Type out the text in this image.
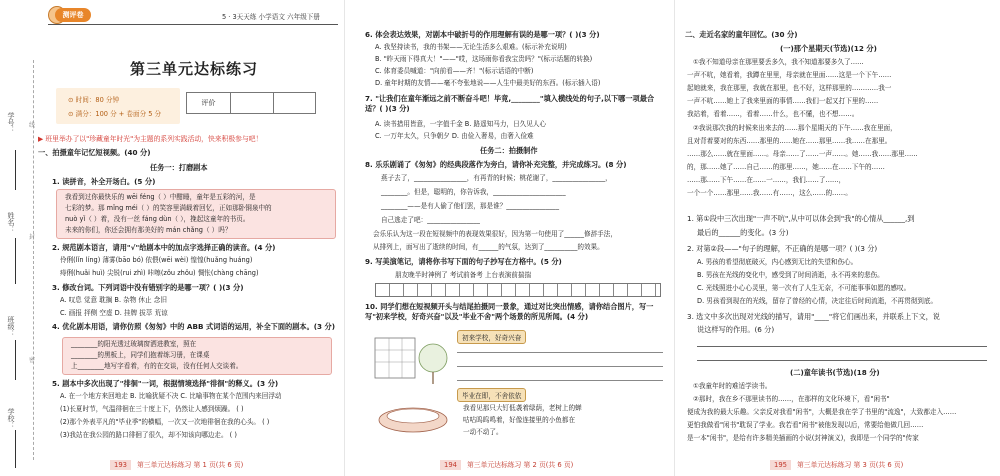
学号：
姓名：
班级：
学校：
线
封
密
测评卷	5 · 3天天练 小学语文 六年级下册
第三单元达标练习
⊙ 时间：80 分钟
⊙ 满分：100 分 + 卷面分 5 分
评价
▶ 班里举办了以"珍藏童年时光"为主题的系列实践活动，快来积极参与吧！
一、拍摄童年记忆短视频。(40 分)
任务一：打磨剧本
1. 读拼音，补全开场白。(5 分)
我看到过你最快乐的 wēi féng（ ）中酣睡，童年是五彩的河，是
七彩的梦。那 mǐng méi（ ）的笑容里满载着回忆，正如那卧铜泉中的
nuò yǐ（ ）着，没有一丝 fáng dùn（ ），挽起这童年的书页。
未来的你们，你还会拥有那美好的 mán chǎng（ ）吗？
2. 规范剧本语言，请用"√"给剧本中的加点字选择正确的读音。(4 分)
伶俐(lǐn líng) 薄雾(bāo bó) 依偎(wēi wèi) 惶惶(huǎng huáng)
痔俐(huǎi huì) 尖锐(rui zhì) 咔嚓(zǒu zhǒu) 惆怅(chàng chāng)
3. 修改台词。下列词语中没有错别字的是哪一项？( )(3 分)
A. 叹息 觉意 耽搁 B. 杂物 休止 念旧
C. 画报 抨侧 空虚 D. 挂牌 拔萃 荒谅
4. 优化剧本用语，请你仿照《匆匆》中的 ABB 式词语的运用，补全下面的剧本。(3 分)
________的阳光透过玻璃窗洒进教室，照在
________的黑板上，同学们抱着练习册，在课桌
上________地写字看着，有的在交谈，没有任何人交谈着。
5. 剧本中多次出现了"徘徊"一词，根据情境选择"徘徊"的释义。(3 分)
A. 在一个地方来回地走 B. 比喻犹疑不决 C. 比喻事物在某个范围内来回浮动
(1)长夏时节，气温徘徊在三十度上下，仍然让人感到烦躁。 ( )
(2)那个外表平凡的"毕业季"的横幅，一次又一次地徘徊在我的心头。 ( )
(3)我站在我公园的路口徘徊了很久，却不知该向哪边走。 ( )
193 第三单元达标练习 第 1 页(共 6 页)
6. 体会表达效果，对剧本中破折号的作用理解有误的是哪一项？( )(3 分)
A. 我坚持读书，我的书架——无论生活多么艰难。(标示补充说明)
B. "昨天雨下得真大！"——"哎，这场雨你看我宝贵吗？"(标示话题的转换)
C. 体育委员喊道："向前看——齐！"(标示话语的中断)
D. 童年时期的友情——毫不夸张地说——人生中最美好的东西。(标示插入语)
7. "让我们在童年渐远之前不断奋斗吧！毕竟,________"填入横线处的句子,以下哪一项最合适？( )(3 分)
A. 读书措用皆意，一字值千金 B. 路遥知马力，日久见人心
C. 一万年太久，只争朝夕 D. 由俭入奢易，由奢入俭难
任务二：拍摄制作
8. 乐乐剧诵了《匆匆》的经典段落作为旁白，请你补充完整，并完成练习。(8 分)
燕子去了，________________，有再青的时候；桃花谢了，________________，
________。但是，聪明的，你告诉我，______________________
________——是有人偷了他们罢，那是谁？________________
自己逃走了吧：________________
会乐乐认为这一段在短视频中的表现效果很好，因为第一句使用了______修辞手法，
从排列上，面写出了逝续的时间，有______的气氛，达到了__________的效果。
9. 写美演笔记，请将你书写下面的句子抄写在方格中。(5 分)
朋友晚半时神例了 考试前备考 上台表演前揣揣
10. 同学们想在短视频开头与结尾拍摄同一景象，通过对比突出情感，请你结合图片，写一写"初来学校，好奇兴奋"以及"毕业不舍"两个场景的所见所闻。(4 分)
初来学校，好奇兴奋
毕业在即，不舍依依
我看见那只大钉低袭着绿荫，老树上的蝉
咕咕呜呜鸣着，好像连接里的小鱼都在
一动不动了。
194 第三单元达标练习 第 2 页(共 6 页)
二、走近名家的童年回忆。(30 分)
(一)那个星期天(节选)(12 分)
①我不知道母亲在那里要丢多久，我不知道那要多久了……
一声不吭，她看着，我蹲在里里，母亲就在里面……这是一个下午……
起她就来，我在那里，我就在那里，也不好，这样那里的…………我一
一声不吭……她上了我来里面的事情……我们一起又打下里的……
我站着，看着……，看着……什么，也不懂，也不想……。
②我说那次我的时候来出来去的……那个星期天的下午……我在里面，
且对背着要对的东西……那里的……她在……那里……我……在那里。
……那么……就在里面……。母亲……了……一声……。她……我……那里……
的，那……她了……自己……的那里……，她……在……下午的……
……那……下午……在……一……，我们……了……，
一个一个……那里……我……有……，这么……的……。
1. 第①段中三次出现"一声不吭",从中可以体会到"我"的心情从______,到
最后的______的变化。(3 分)
2. 对第②段——"句子的理解，不正确的是哪一项？( )(3 分)
A. 男孩的希望彻底破灭，内心感到无比的失望和伤心。
B. 男孩在光线的变化中，感受到了时间消逝，永不再来的悲伤。
C. 光线照进小心心灵里，第一次有了人生无奈，不可能事事如愿的感叹。
D. 男孩看到现在的光线，留存了曾经的心情，决定往后时间流逝，不再贯彻到底。
3. 选文中多次出现对光线的描写，请用"____"将它们画出来，并联系上下文，说
说这样写的作用。(6 分)
(二)童年读书(节选)(18 分)
①我童年时的难适学读书。
②那时，我在乡不那里读书的……，在那样的文化环境下，看"闲书"
便成为我的最大乐趣。父亲反对我看"闲书"，大概是我在学了书里的"流逸"，大致都走入……
更怕我做看"闲书"耽误了学业。我若看"闲书"被他发现以后，常要给他做几回……
是一本"闲书"，是给有许多精美插画的小说(封神演义)，我即是一个同学的"传家
195 第三单元达标练习 第 3 页(共 6 页)
